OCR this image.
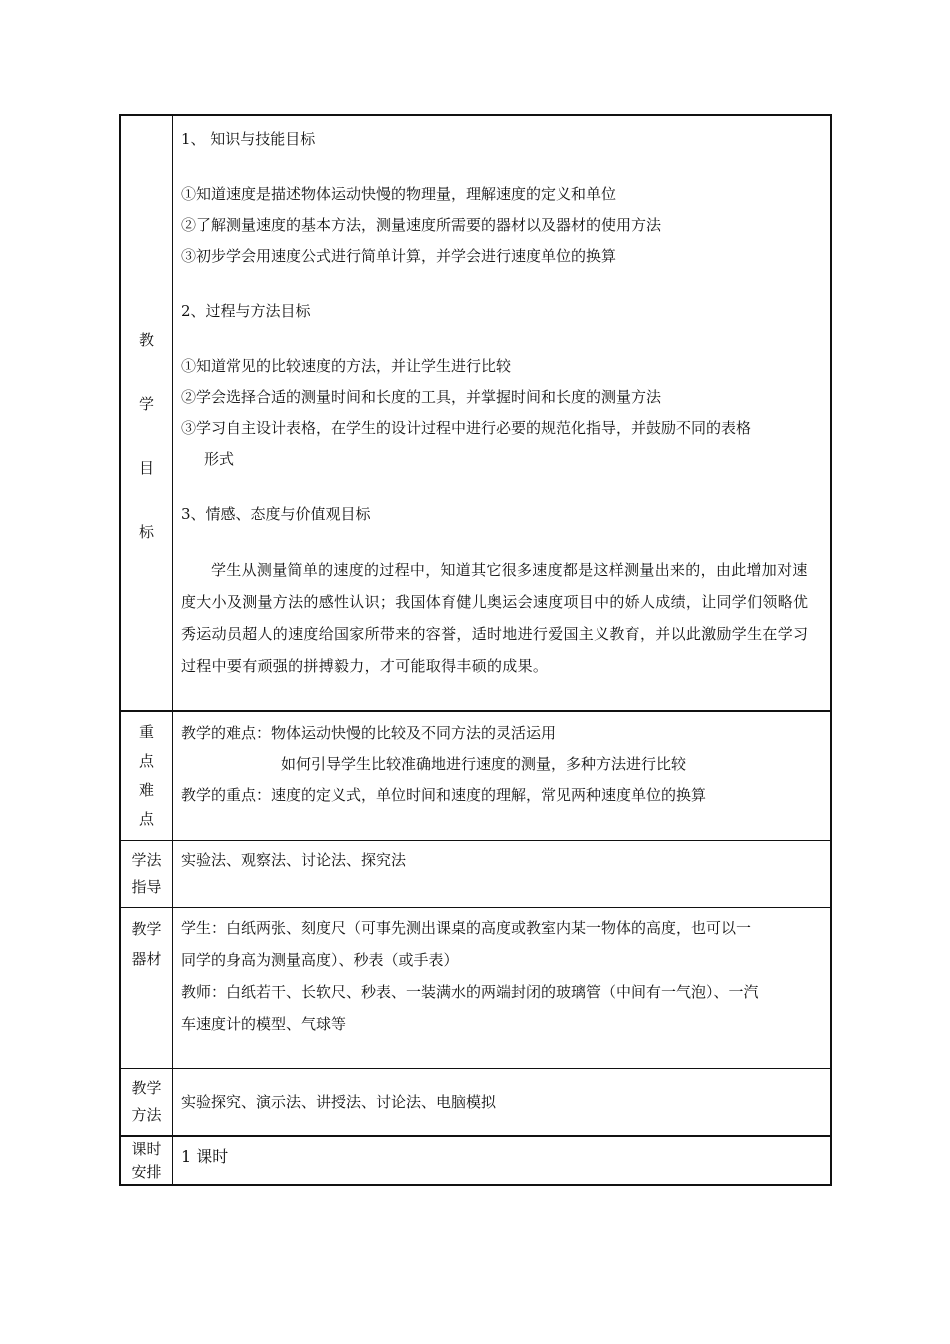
教
学
目
标
1、 知识与技能目标
①知道速度是描述物体运动快慢的物理量，理解速度的定义和单位
②了解测量速度的基本方法，测量速度所需要的器材以及器材的使用方法
③初步学会用速度公式进行简单计算，并学会进行速度单位的换算
2、过程与方法目标
①知道常见的比较速度的方法，并让学生进行比较
②学会选择合适的测量时间和长度的工具，并掌握时间和长度的测量方法
③学习自主设计表格，在学生的设计过程中进行必要的规范化指导，并鼓励不同的表格
形式
3、情感、态度与价值观目标
学生从测量简单的速度的过程中，知道其它很多速度都是这样测量出来的，由此增加对速度大小及测量方法的感性认识；我国体育健儿奥运会速度项目中的娇人成绩，让同学们领略优秀运动员超人的速度给国家所带来的容誉，适时地进行爱国主义教育，并以此激励学生在学习过程中要有顽强的拼搏毅力，才可能取得丰硕的成果。
重
点
难
点
教学的难点：物体运动快慢的比较及不同方法的灵活运用
如何引导学生比较准确地进行速度的测量，多种方法进行比较
教学的重点：速度的定义式，单位时间和速度的理解，常见两种速度单位的换算
学法
指导
实验法、观察法、讨论法、探究法
教学
器材
学生：白纸两张、刻度尺（可事先测出课桌的高度或教室内某一物体的高度，也可以一
同学的身高为测量高度）、秒表（或手表）
教师：白纸若干、长软尺、秒表、一装满水的两端封闭的玻璃管（中间有一气泡）、一汽
车速度计的模型、气球等
教学
方法
实验探究、演示法、讲授法、讨论法、电脑模拟
课时
安排
1 课时
